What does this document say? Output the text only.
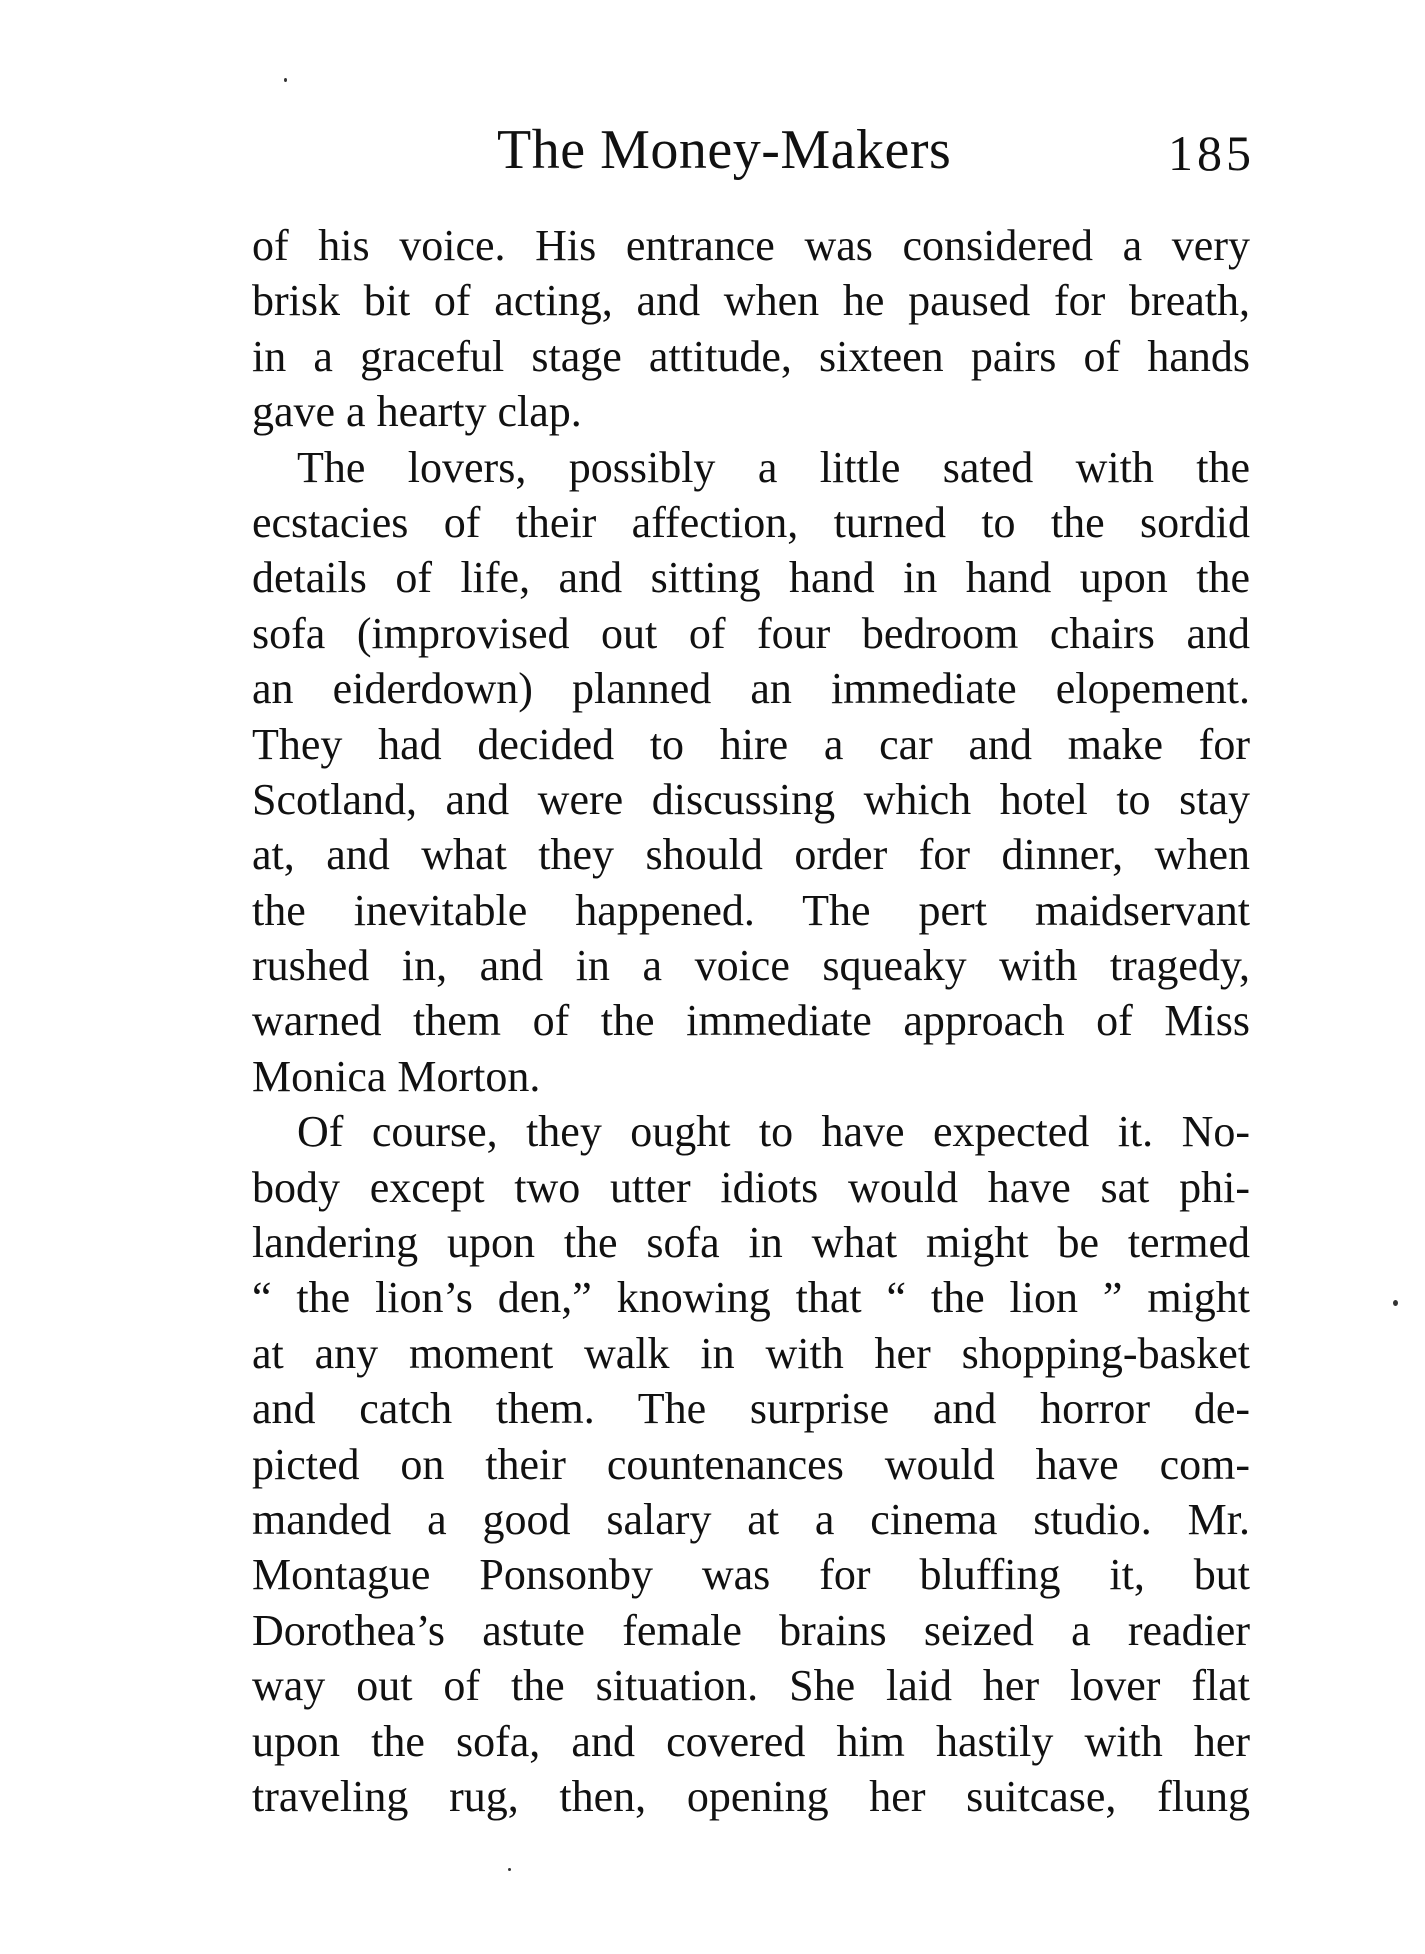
The Money-Makers	185
of his voice. His entrance was considered a very
brisk bit of acting, and when he paused for breath,
in a graceful stage attitude, sixteen pairs of hands
gave a hearty clap.
The lovers, possibly a little sated with the
ecstacies of their affection, turned to the sordid
details of life, and sitting hand in hand upon the
sofa (improvised out of four bedroom chairs and
an eiderdown) planned an immediate elopement.
They had decided to hire a car and make for
Scotland, and were discussing which hotel to stay
at, and what they should order for dinner, when
the inevitable happened. The pert maidservant
rushed in, and in a voice squeaky with tragedy,
warned them of the immediate approach of Miss
Monica Morton.
Of course, they ought to have expected it. No-
body except two utter idiots would have sat phi-
landering upon the sofa in what might be termed
“ the lion’s den,” knowing that “ the lion ” might
at any moment walk in with her shopping-basket
and catch them. The surprise and horror de-
picted on their countenances would have com-
manded a good salary at a cinema studio. Mr.
Montague Ponsonby was for bluffing it, but
Dorothea’s astute female brains seized a readier
way out of the situation. She laid her lover flat
upon the sofa, and covered him hastily with her
traveling rug, then, opening her suitcase, flung
